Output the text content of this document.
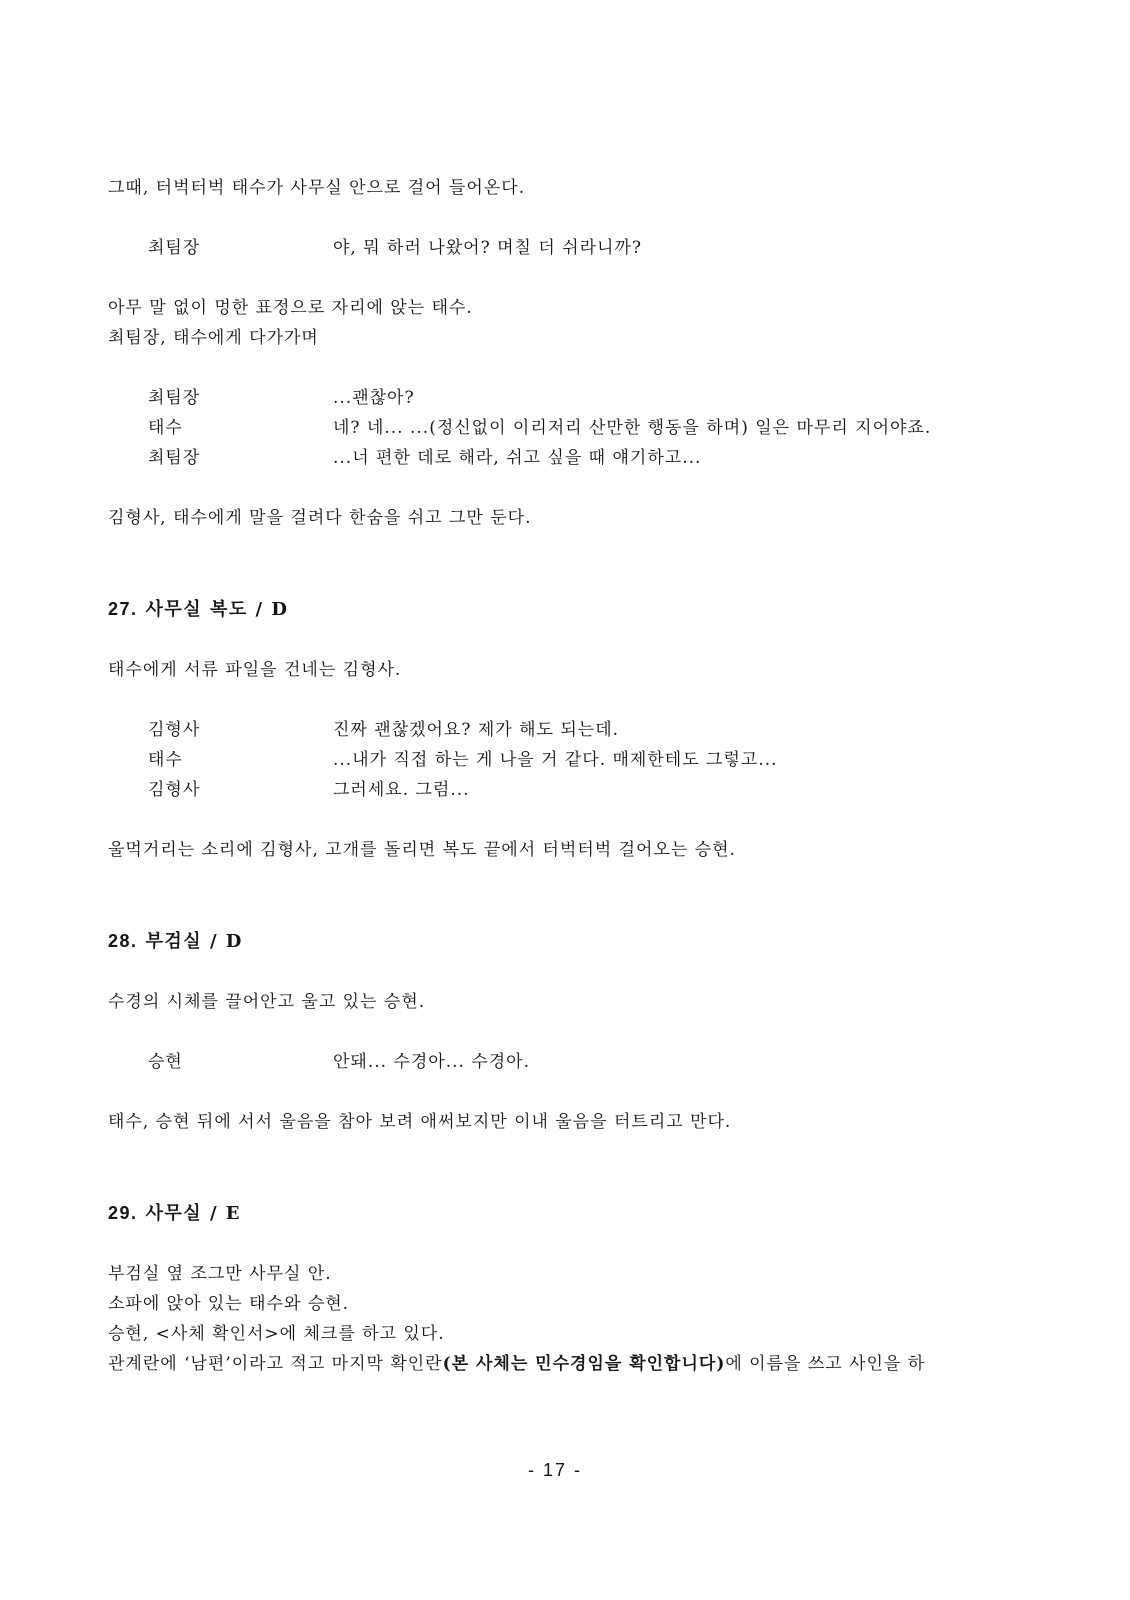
그때, 터벅터벅 태수가 사무실 안으로 걸어 들어온다.
최팀장	야, 뭐 하러 나왔어? 며칠 더 쉬라니까?
아무 말 없이 멍한 표정으로 자리에 앉는 태수.
최팀장, 태수에게 다가가며
최팀장	...괜찮아?
태수	네? 네... ...(정신없이 이리저리 산만한 행동을 하며) 일은 마무리 지어야죠.
최팀장	...너 편한 데로 해라, 쉬고 싶을 때 얘기하고...
김형사, 태수에게 말을 걸려다 한숨을 쉬고 그만 둔다.
27. 사무실 복도 / D
태수에게 서류 파일을 건네는 김형사.
김형사	진짜 괜찮겠어요? 제가 해도 되는데.
태수	...내가 직접 하는 게 나을 거 같다. 매제한테도 그렇고...
김형사	그러세요. 그럼...
울먹거리는 소리에 김형사, 고개를 돌리면 복도 끝에서 터벅터벅 걸어오는 승현.
28. 부검실 / D
수경의 시체를 끌어안고 울고 있는 승현.
승현	안돼... 수경아... 수경아.
태수, 승현 뒤에 서서 울음을 참아 보려 애써보지만 이내 울음을 터트리고 만다.
29. 사무실 / E
부검실 옆 조그만 사무실 안.
소파에 앉아 있는 태수와 승현.
승현, <사체 확인서>에 체크를 하고 있다.
관계란에 ‘남편’이라고 적고 마지막 확인란(본 사체는 민수경임을 확인합니다)에 이름을 쓰고 사인을 하
- 17 -
